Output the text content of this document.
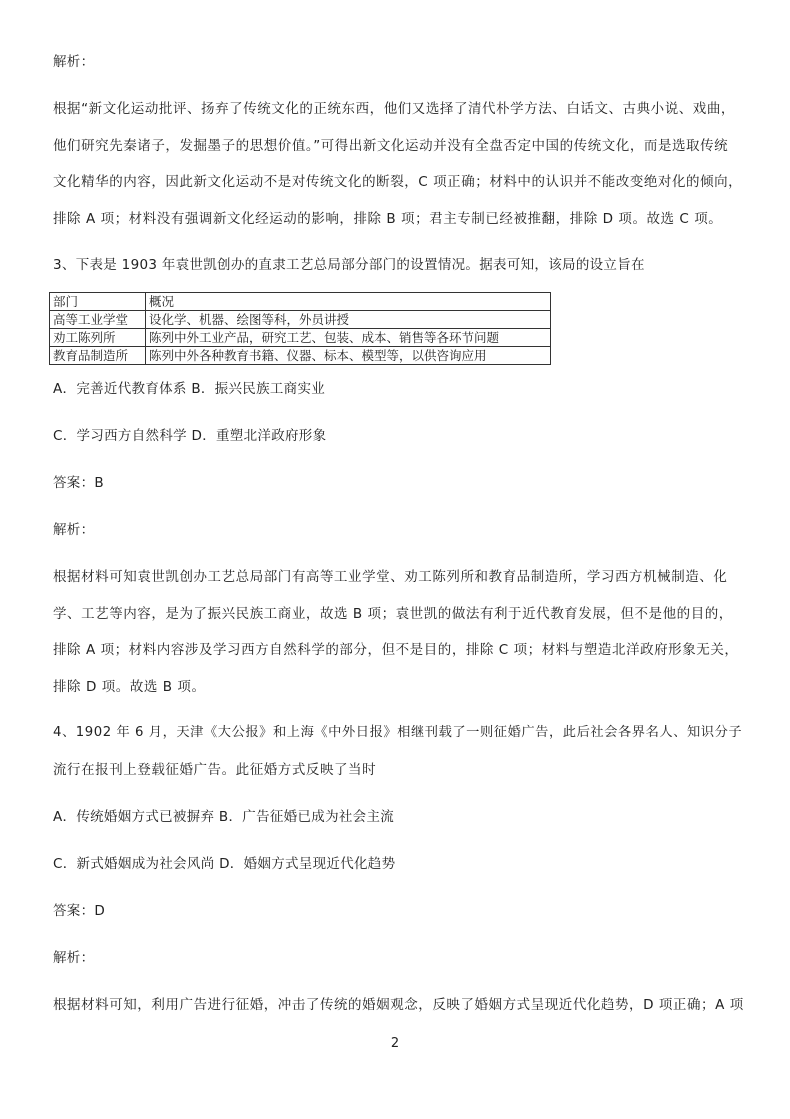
解析：
根据“新文化运动批评、扬弃了传统文化的正统东西，他们又选择了清代朴学方法、白话文、古典小说、戏曲，
他们研究先秦诸子，发掘墨子的思想价值。”可得出新文化运动并没有全盘否定中国的传统文化，而是选取传统
文化精华的内容，因此新文化运动不是对传统文化的断裂，C 项正确；材料中的认识并不能改变绝对化的倾向，
排除 A 项；材料没有强调新文化经运动的影响，排除 B 项；君主专制已经被推翻，排除 D 项。故选 C 项。
3、下表是 1903 年袁世凯创办的直隶工艺总局部分部门的设置情况。据表可知，该局的设立旨在
部门	概况
高等工业学堂	设化学、机器、绘图等科，外员讲授
劝工陈列所	陈列中外工业产品，研究工艺、包装、成本、销售等各环节问题
教育品制造所	陈列中外各种教育书籍、仪器、标本、模型等，以供咨询应用
A．完善近代教育体系 B．振兴民族工商实业
C．学习西方自然科学 D．重塑北洋政府形象
答案：B
解析：
根据材料可知袁世凯创办工艺总局部门有高等工业学堂、劝工陈列所和教育品制造所，学习西方机械制造、化
学、工艺等内容，是为了振兴民族工商业，故选 B 项；袁世凯的做法有利于近代教育发展，但不是他的目的，
排除 A 项；材料内容涉及学习西方自然科学的部分，但不是目的，排除 C 项；材料与塑造北洋政府形象无关，
排除 D 项。故选 B 项。
4、1902 年 6 月，天津《大公报》和上海《中外日报》相继刊载了一则征婚广告，此后社会各界名人、知识分子
流行在报刊上登载征婚广告。此征婚方式反映了当时
A．传统婚姻方式已被摒弃 B．广告征婚已成为社会主流
C．新式婚姻成为社会风尚 D．婚姻方式呈现近代化趋势
答案：D
解析：
根据材料可知，利用广告进行征婚，冲击了传统的婚姻观念，反映了婚姻方式呈现近代化趋势，D 项正确；A 项
2
